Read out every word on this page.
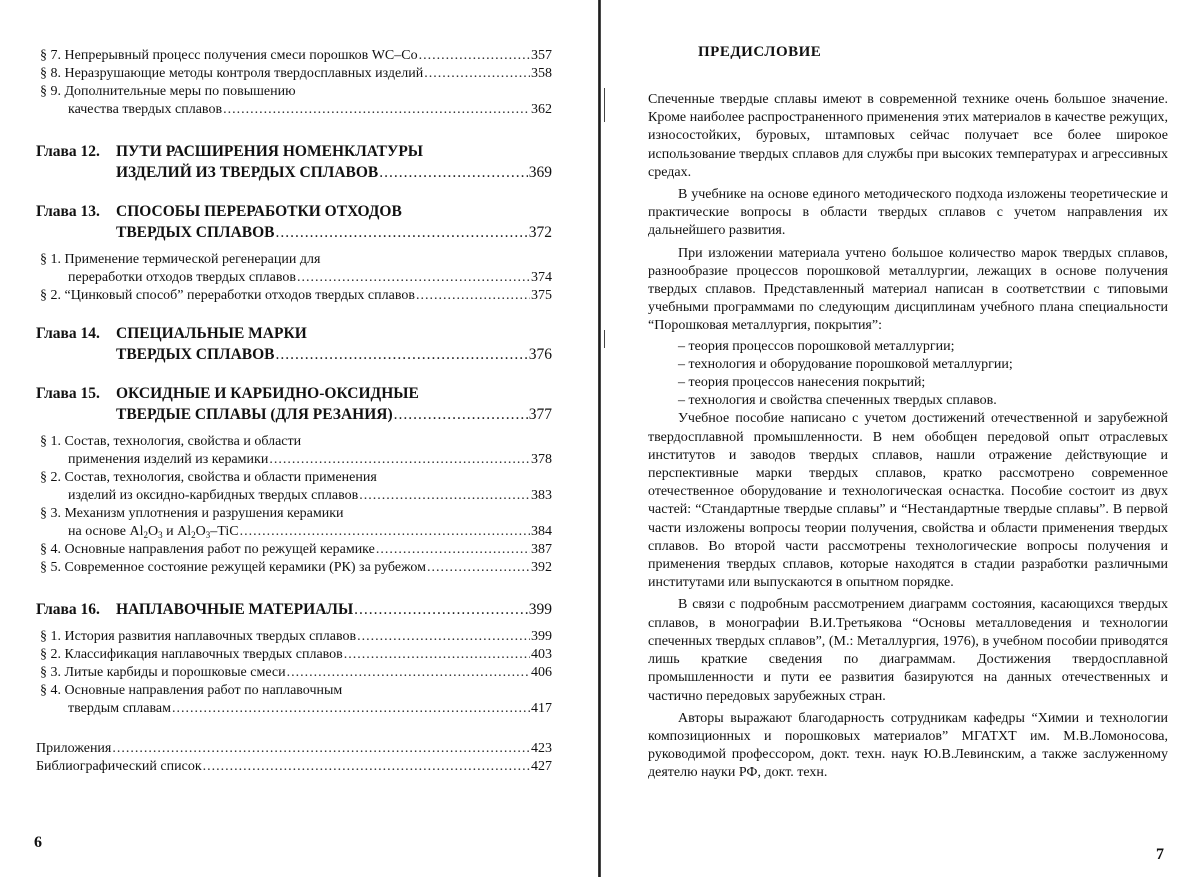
§ 7. Непрерывный процесс получения смеси порошков WC–Co .....	357
§ 8. Неразрушающие методы контроля твердосплавных изделий .....	358
§ 9. Дополнительные меры по повышению
качества твердых сплавов .....	362
Глава 12. ПУТИ РАСШИРЕНИЯ НОМЕНКЛАТУРЫ
ИЗДЕЛИЙ ИЗ ТВЕРДЫХ СПЛАВОВ .....	369
Глава 13. СПОСОБЫ ПЕРЕРАБОТКИ ОТХОДОВ
ТВЕРДЫХ СПЛАВОВ .....	372
§ 1. Применение термической регенерации для
переработки отходов твердых сплавов .....	374
§ 2. “Цинковый способ” переработки отходов твердых сплавов .....	375
Глава 14. СПЕЦИАЛЬНЫЕ МАРКИ
ТВЕРДЫХ СПЛАВОВ .....	376
Глава 15. ОКСИДНЫЕ И КАРБИДНО-ОКСИДНЫЕ
ТВЕРДЫЕ СПЛАВЫ (ДЛЯ РЕЗАНИЯ) .....	377
§ 1. Состав, технология, свойства и области
применения изделий из керамики .....	378
§ 2. Состав, технология, свойства и области применения
изделий из оксидно-карбидных твердых сплавов .....	383
§ 3. Механизм уплотнения и разрушения керамики
на основе $Al_2O_3$ и $Al_2O_3$–TiC .....	384
§ 4. Основные направления работ по режущей керамике .....	387
§ 5. Современное состояние режущей керамики (РК) за рубежом .....	392
Глава 16. НАПЛАВОЧНЫЕ МАТЕРИАЛЫ .....	399
§ 1. История развития наплавочных твердых сплавов .....	399
§ 2. Классификация наплавочных твердых сплавов .....	403
§ 3. Литые карбиды и порошковые смеси .....	406
§ 4. Основные направления работ по наплавочным
твердым сплавам .....	417
Приложения .....	423
Библиографический список .....	427
6
ПРЕДИСЛОВИЕ

Спеченные твердые сплавы имеют в современной технике очень большое значение. Кроме наиболее распространенного применения этих материалов в качестве режущих, износостойких, буровых, штамповых сейчас получает все более широкое использование твердых сплавов для службы при высоких температурах и агрессивных средах.

В учебнике на основе единого методического подхода изложены теоретические и практические вопросы в области твердых сплавов с учетом направления их дальнейшего развития.

При изложении материала учтено большое количество марок твердых сплавов, разнообразие процессов порошковой металлургии, лежащих в основе получения твердых сплавов. Представленный материал написан в соответствии с типовыми учебными программами по следующим дисциплинам учебного плана специальности “Порошковая металлургия, покрытия”:

– теория процессов порошковой металлургии;
– технология и оборудование порошковой металлургии;
– теория процессов нанесения покрытий;
– технология и свойства спеченных твердых сплавов.

Учебное пособие написано с учетом достижений отечественной и зарубежной твердосплавной промышленности. В нем обобщен передовой опыт отраслевых институтов и заводов твердых сплавов, нашли отражение действующие и перспективные марки твердых сплавов, кратко рассмотрено современное отечественное оборудование и технологическая оснастка. Пособие состоит из двух частей: “Стандартные твердые сплавы” и “Нестандартные твердые сплавы”. В первой части изложены вопросы теории получения, свойства и области применения твердых сплавов. Во второй части рассмотрены технологические вопросы получения и применения твердых сплавов, которые находятся в стадии разработки различными институтами или выпускаются в опытном порядке.

В связи с подробным рассмотрением диаграмм состояния, касающихся твердых сплавов, в монографии В.И.Третьякова “Основы металловедения и технологии спеченных твердых сплавов”, (М.: Металлургия, 1976), в учебном пособии приводятся лишь краткие сведения по диаграммам. Достижения твердосплавной промышленности и пути ее развития базируются на данных отечественных и частично передовых зарубежных стран.

Авторы выражают благодарность сотрудникам кафедры “Химии и технологии композиционных и порошковых материалов” МГАТХТ им. М.В.Ломоносова, руководимой профессором, докт. техн. наук Ю.В.Левинским, а также заслуженному деятелю науки РФ, докт. техн.

7
